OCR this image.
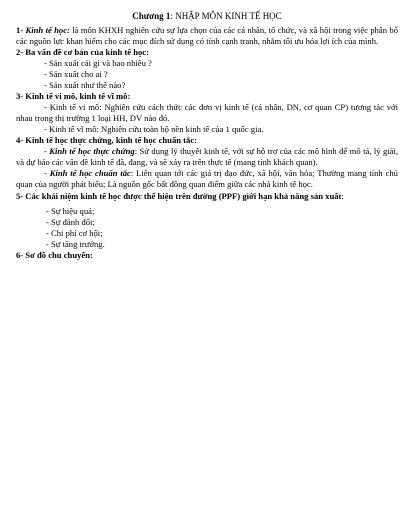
Chương 1: NHẬP MÔN KINH TẾ HỌC

1- Kinh tế học: là môn KHXH nghiên cứu sự lựa chọn của các cá nhân, tổ chức, và xã hội trong việc phân bổ các nguồn lực khan hiếm cho các mục đích sử dụng có tính cạnh tranh, nhằm tối ưu hóa lợi ích của mình.

2- Ba vấn đề cơ bản của kinh tế học:

- Sản xuất cái gì và bao nhiêu ?

- Sản xuất cho ai ?

- Sản xuất như thế nào?

3- Kinh tế vi mô, kinh tế vĩ mô:

- Kinh tế vi mô: Nghiên cứu cách thức các đơn vị kinh tế (cá nhân, DN, cơ quan CP) tương tác với nhau trong thị trường 1 loại HH, DV nào đó.

- Kinh tế vĩ mô: Nghiên cứu toàn bộ nền kinh tế của 1 quốc gia.

4- Kinh tế học thực chứng, kinh tế học chuẩn tắc:

- Kinh tế học thực chứng: Sử dụng lý thuyết kinh tế, với sự hỗ trợ của các mô hình để mô tả, lý giải, và dự báo các vấn đề kinh tế đã, đang, và sẽ xảy ra trên thực tế (mang tính khách quan).

- Kinh tế học chuẩn tắc: Liên quan tới các giá trị đạo đức, xã hội, văn hóa; Thường mang tính chủ quan của người phát biểu; Là nguồn gốc bất đồng quan điểm giữa các nhà kinh tế học.

5- Các khái niệm kinh tế học được thể hiện trên đường (PPF) giới hạn khả năng sản xuất:

- Sự hiệu quả;

- Sự đánh đổi;

- Chi phí cơ hội;

- Sự tăng trưởng.

6- Sơ đồ chu chuyển:
